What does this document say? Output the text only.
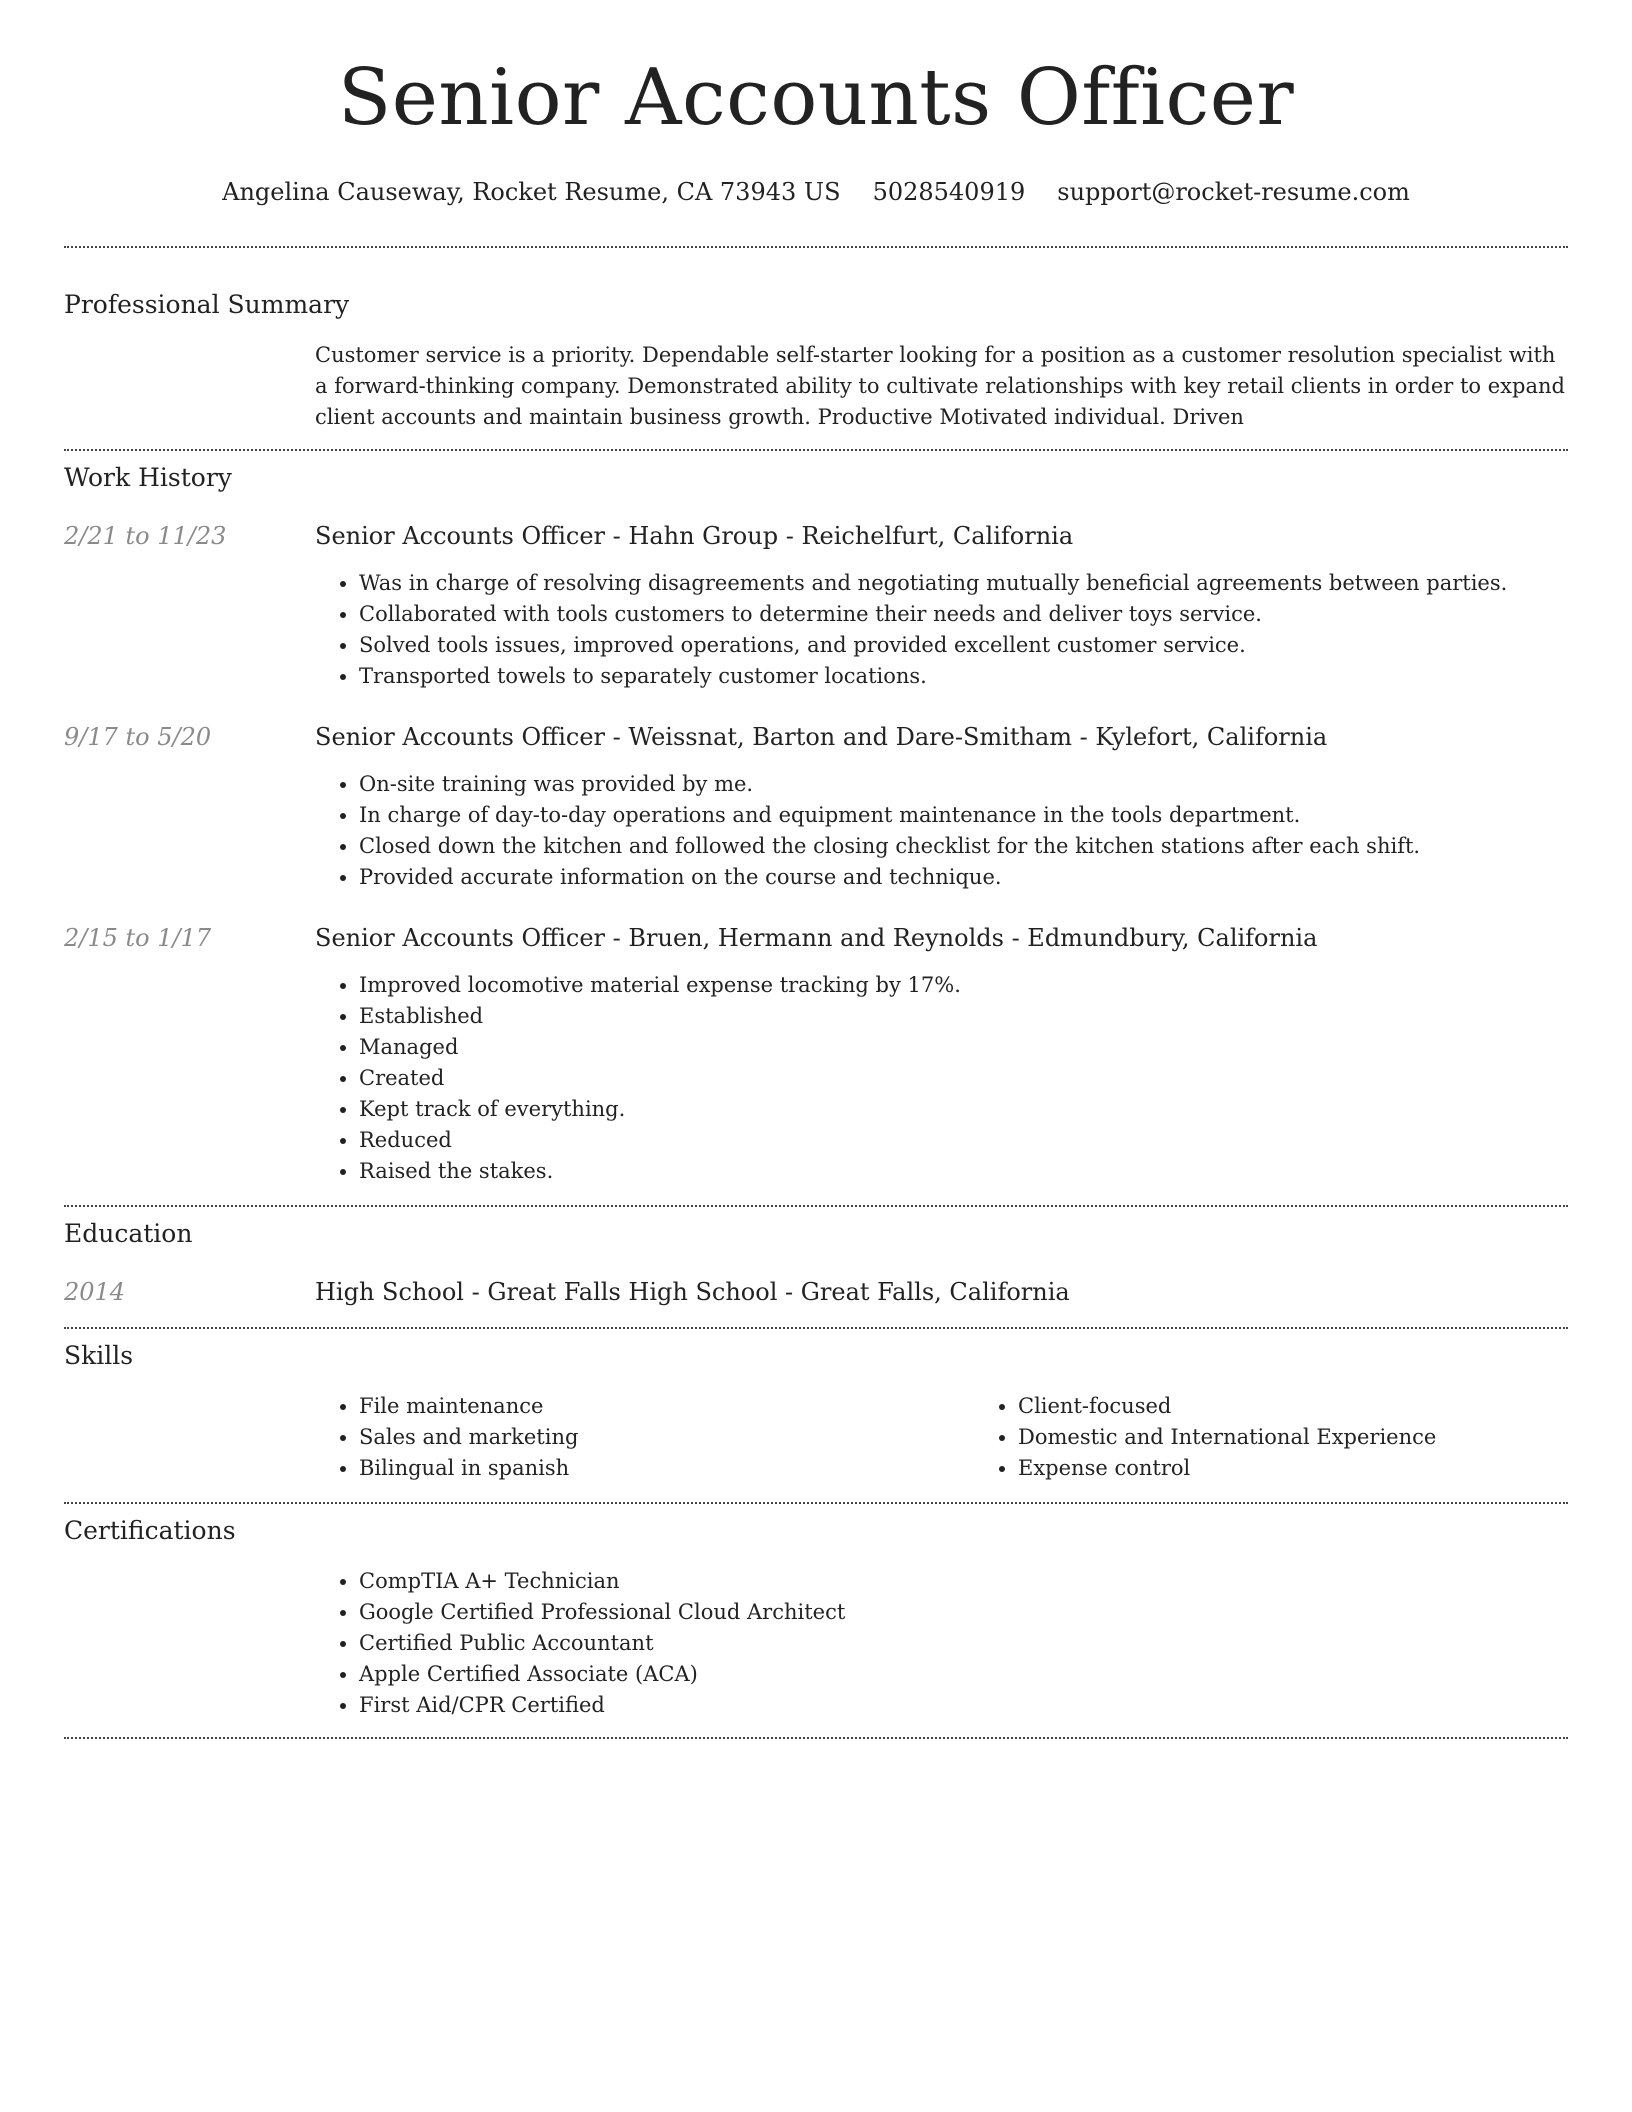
Senior Accounts Officer
Angelina Causeway, Rocket Resume, CA 73943 US 5028540919 support@rocket-resume.com
Professional Summary
Customer service is a priority. Dependable self-starter looking for a position as a customer resolution specialist with a forward-thinking company. Demonstrated ability to cultivate relationships with key retail clients in order to expand client accounts and maintain business growth. Productive Motivated individual. Driven
Work History
2/21 to 11/23	Senior Accounts Officer - Hahn Group - Reichelfurt, California
• Was in charge of resolving disagreements and negotiating mutually beneficial agreements between parties.
• Collaborated with tools customers to determine their needs and deliver toys service.
• Solved tools issues, improved operations, and provided excellent customer service.
• Transported towels to separately customer locations.
9/17 to 5/20	Senior Accounts Officer - Weissnat, Barton and Dare-Smitham - Kylefort, California
• On-site training was provided by me.
• In charge of day-to-day operations and equipment maintenance in the tools department.
• Closed down the kitchen and followed the closing checklist for the kitchen stations after each shift.
• Provided accurate information on the course and technique.
2/15 to 1/17	Senior Accounts Officer - Bruen, Hermann and Reynolds - Edmundbury, California
• Improved locomotive material expense tracking by 17%.
• Established
• Managed
• Created
• Kept track of everything.
• Reduced
• Raised the stakes.
Education
2014	High School - Great Falls High School - Great Falls, California
Skills
• File maintenance
• Sales and marketing
• Bilingual in spanish
• Client-focused
• Domestic and International Experience
• Expense control
Certifications
• CompTIA A+ Technician
• Google Certified Professional Cloud Architect
• Certified Public Accountant
• Apple Certified Associate (ACA)
• First Aid/CPR Certified
